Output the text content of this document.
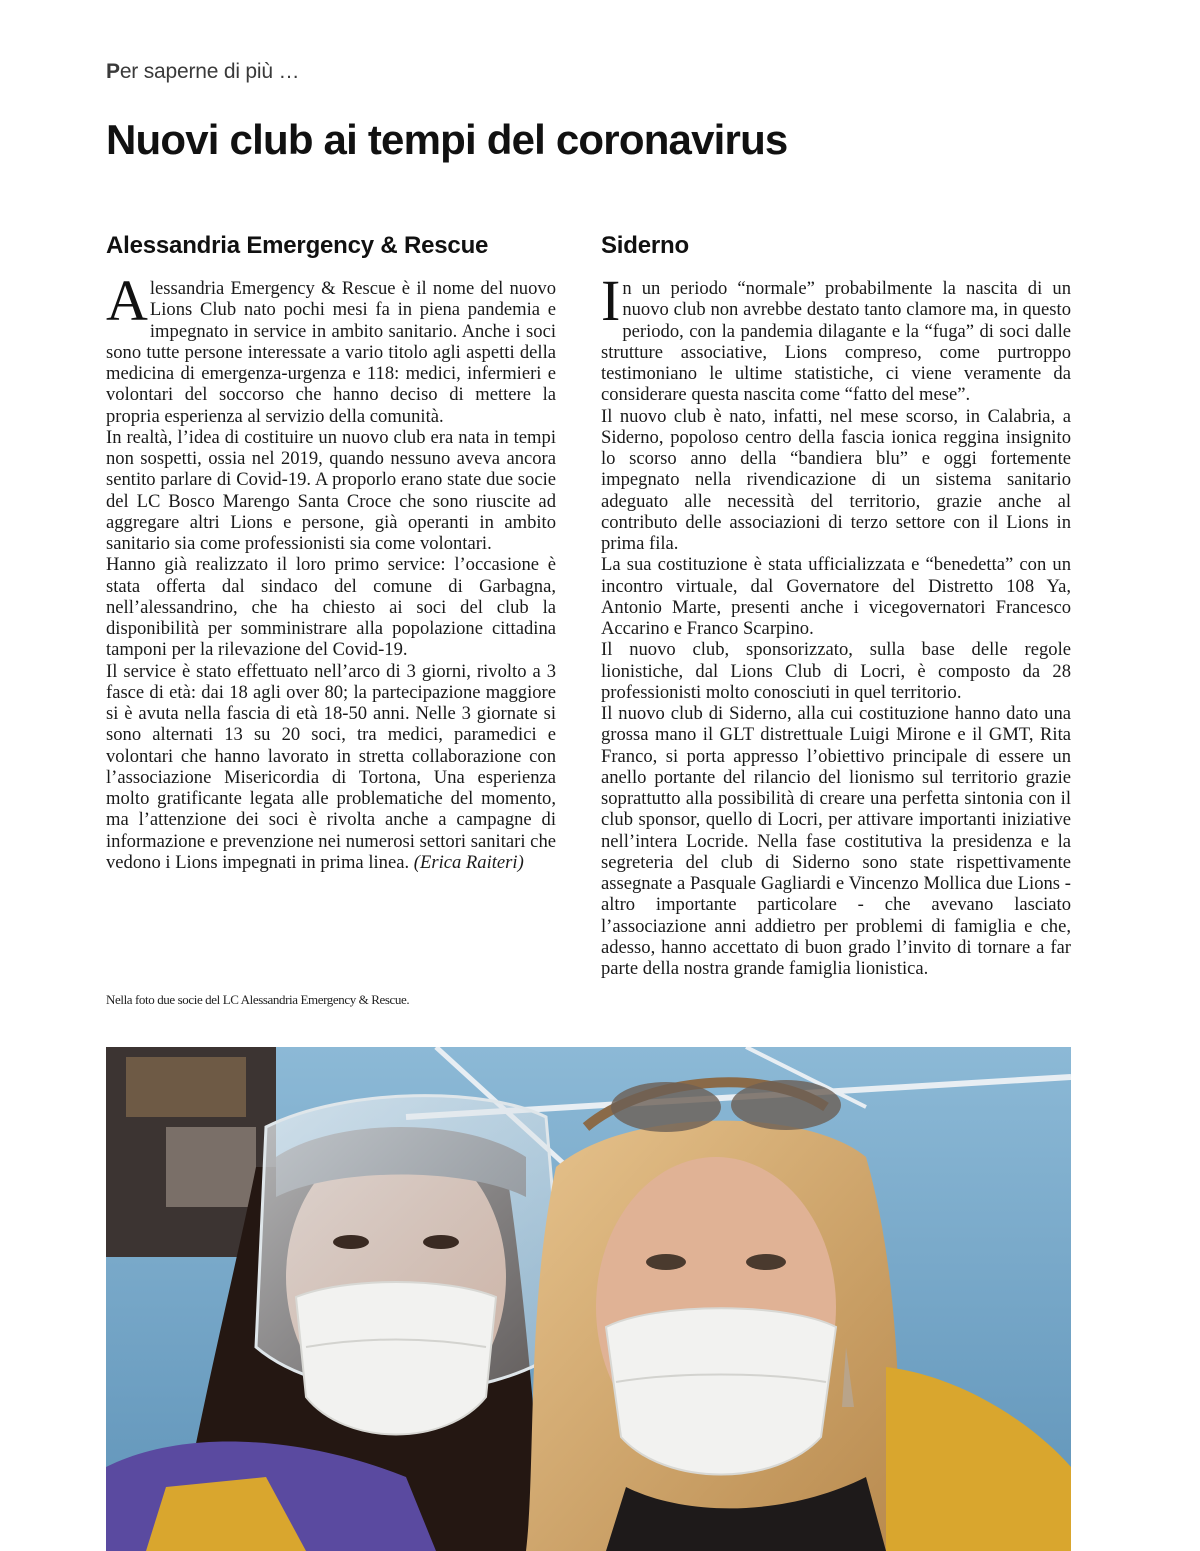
Per saperne di più …
Nuovi club ai tempi del coronavirus
Alessandria Emergency & Rescue

Alessandria Emergency & Rescue è il nome del nuovo Lions Club nato pochi mesi fa in piena pandemia e impegnato in service in ambito sanitario. Anche i soci sono tutte persone interessate a vario titolo agli aspetti della medicina di emergenza-urgenza e 118: medici, infermieri e volontari del soccorso che hanno deciso di mettere la propria esperienza al servizio della comunità.

In realtà, l’idea di costituire un nuovo club era nata in tempi non sospetti, ossia nel 2019, quando nessuno aveva ancora sentito parlare di Covid-19. A proporlo erano state due socie del LC Bosco Marengo Santa Croce che sono riuscite ad aggregare altri Lions e persone, già operanti in ambito sanitario sia come professionisti sia come volontari.

Hanno già realizzato il loro primo service: l’occasione è stata offerta dal sindaco del comune di Garbagna, nell’alessandrino, che ha chiesto ai soci del club la disponibilità per somministrare alla popolazione cittadina tamponi per la rilevazione del Covid-19.

Il service è stato effettuato nell’arco di 3 giorni, rivolto a 3 fasce di età: dai 18 agli over 80; la partecipazione maggiore si è avuta nella fascia di età 18-50 anni. Nelle 3 giornate si sono alternati 13 su 20 soci, tra medici, paramedici e volontari che hanno lavorato in stretta collaborazione con l’associazione Misericordia di Tortona, Una esperienza molto gratificante legata alle problematiche del momento, ma l’attenzione dei soci è rivolta anche a campagne di informazione e prevenzione nei numerosi settori sanitari che vedono i Lions impegnati in prima linea. (Erica Raiteri)

Nella foto due socie del LC Alessandria Emergency & Rescue.
Siderno

In un periodo “normale” probabilmente la nascita di un nuovo club non avrebbe destato tanto clamore ma, in questo periodo, con la pandemia dilagante e la “fuga” di soci dalle strutture associative, Lions compreso, come purtroppo testimoniano le ultime statistiche, ci viene veramente da considerare questa nascita come “fatto del mese”.

Il nuovo club è nato, infatti, nel mese scorso, in Calabria, a Siderno, popoloso centro della fascia ionica reggina insignito lo scorso anno della “bandiera blu” e oggi fortemente impegnato nella rivendicazione di un sistema sanitario adeguato alle necessità del territorio, grazie anche al contributo delle associazioni di terzo settore con il Lions in prima fila.

La sua costituzione è stata ufficializzata e “benedetta” con un incontro virtuale, dal Governatore del Distretto 108 Ya, Antonio Marte, presenti anche i vicegovernatori Francesco Accarino e Franco Scarpino.

Il nuovo club, sponsorizzato, sulla base delle regole lionistiche, dal Lions Club di Locri, è composto da 28 professionisti molto conosciuti in quel territorio.

Il nuovo club di Siderno, alla cui costituzione hanno dato una grossa mano il GLT distrettuale Luigi Mirone e il GMT, Rita Franco, si porta appresso l’obiettivo principale di essere un anello portante del rilancio del lionismo sul territorio grazie soprattutto alla possibilità di creare una perfetta sintonia con il club sponsor, quello di Locri, per attivare importanti iniziative nell’intera Locride. Nella fase costitutiva la presidenza e la segreteria del club di Siderno sono state rispettivamente assegnate a Pasquale Gagliardi e Vincenzo Mollica due Lions - altro importante particolare - che avevano lasciato l’associazione anni addietro per problemi di famiglia e che, adesso, hanno accettato di buon grado l’invito di tornare a far parte della nostra grande famiglia lionistica.
